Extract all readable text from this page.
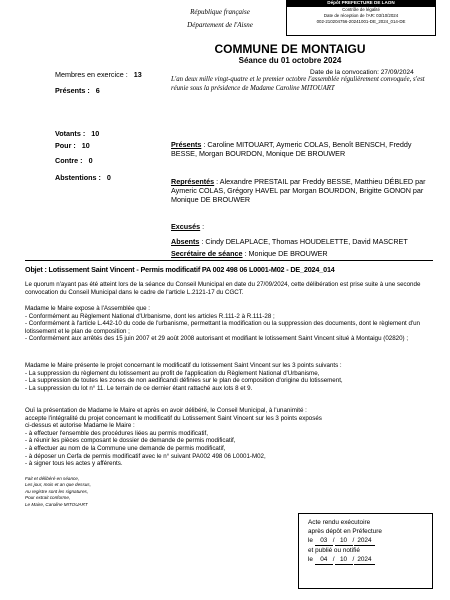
Dépôt PREFECTURE DE LAON
Contrôle de légalité
Date de réception de l'AR: 03/10/2024
002-210204756-20241001-DE_2024_014-DE
République française
Département de l'Aisne
COMMUNE DE MONTAIGU
Séance du 01 octobre 2024
Membres en exercice : 13
Présents : 6
Votants : 10
Pour : 10
Contre : 0
Abstentions : 0
Date de la convocation: 27/09/2024
L'an deux mille vingt-quatre et le premier octobre l'assemblée régulièrement convoquée, s'est réunie sous la présidence de Madame Caroline MITOUART
Présents : Caroline MITOUART, Aymeric COLAS, Benoît BENSCH, Freddy BESSE, Morgan BOURDON, Monique DE BROUWER
Représentés : Alexandre PRESTAIL par Freddy BESSE, Matthieu DÉBLED par Aymeric COLAS, Grégory HAVEL par Morgan BOURDON, Brigitte GONON par Monique DE BROUWER
Excusés :
Absents : Cindy DELAPLACE, Thomas HOUDELETTE, David MASCRET
Objet : Lotissement Saint Vincent - Permis modificatif PA 002 498 06 L0001-M02 - DE_2024_014
Le quorum n'ayant pas été atteint lors de la séance du Conseil Municipal en date du 27/09/2024, cette délibération est prise suite à une seconde convocation du Conseil Municipal dans le cadre de l'article L.2121-17 du CGCT.
Madame le Maire expose à l'Assemblée que :
- Conformément au Règlement National d'Urbanisme, dont les articles R.111-2 à R.111-28 ;
- Conformément à l'article L.442-10 du code de l'urbanisme, permettant la modification ou la suppression des documents, dont le règlement d'un lotissement et le plan de composition ;
- Conformément aux arrêtés des 15 juin 2007 et 29 août 2008 autorisant et modifiant le lotissement Saint Vincent situé à Montaigu (02820) ;
Madame le Maire présente le projet concernant le modificatif du lotissement Saint Vincent sur les 3 points suivants :
- La suppression du règlement du lotissement au profit de l'application du Règlement National d'Urbanisme,
- La suppression de toutes les zones de non aedificandi définies sur le plan de composition d'origine du lotissement,
- La suppression du lot n° 11. Le terrain de ce dernier étant rattaché aux lots 8 et 9.
Ouï la présentation de Madame le Maire et après en avoir délibéré, le Conseil Municipal, à l'unanimité :
accepte l'intégralité du projet concernant le modificatif du Lotissement Saint Vincent sur les 3 points exposés
ci-dessus et autorise Madame le Maire :
- à effectuer l'ensemble des procédures liées au permis modificatif,
- à réunir les pièces composant le dossier de demande de permis modificatif,
- à effectuer au nom de la Commune une demande de permis modificatif,
- à déposer un Cerfa de permis modificatif avec le n° suivant PA002 498 06 L0001-M02,
- à signer tous les actes y afférents.
Fait et délibéré en séance,
Les jour, mois et an que dessus,
Au registre sont les signatures,
Pour extrait conforme,
Le Maire, Caroline MITOUART
Acte rendu exécutoire
après dépôt en Préfecture
le 03 / 10 / 2024
et publié ou notifié
le 04 / 10 / 2024
Secrétaire de séance : Monique DE BROUWER
